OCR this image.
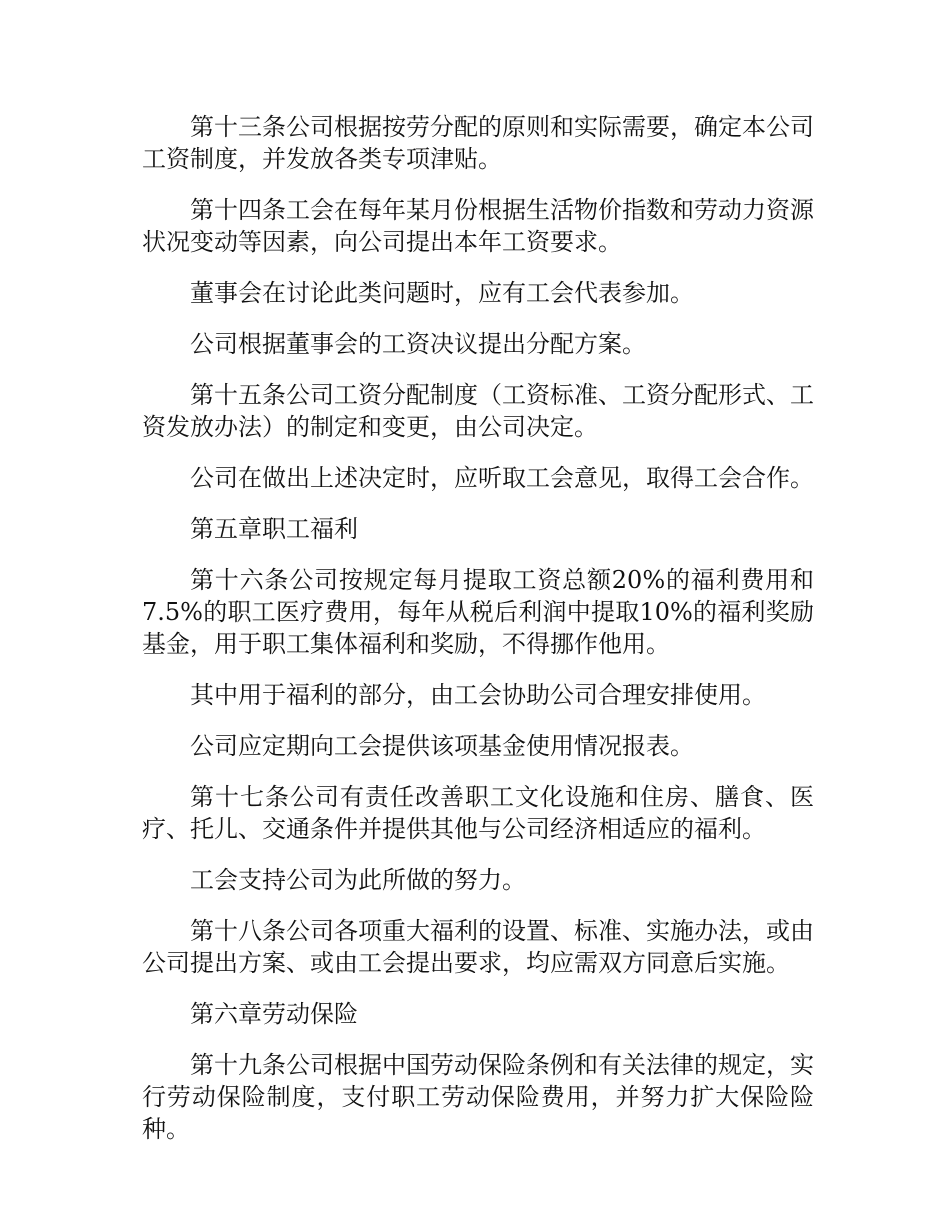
第十三条公司根据按劳分配的原则和实际需要，确定本公司工资制度，并发放各类专项津贴。

第十四条工会在每年某月份根据生活物价指数和劳动力资源状况变动等因素，向公司提出本年工资要求。

董事会在讨论此类问题时，应有工会代表参加。

公司根据董事会的工资决议提出分配方案。

第十五条公司工资分配制度（工资标准、工资分配形式、工资发放办法）的制定和变更，由公司决定。

公司在做出上述决定时，应听取工会意见，取得工会合作。

第五章职工福利

第十六条公司按规定每月提取工资总额20%的福利费用和7.5%的职工医疗费用，每年从税后利润中提取10%的福利奖励基金，用于职工集体福利和奖励，不得挪作他用。

其中用于福利的部分，由工会协助公司合理安排使用。

公司应定期向工会提供该项基金使用情况报表。

第十七条公司有责任改善职工文化设施和住房、膳食、医疗、托儿、交通条件并提供其他与公司经济相适应的福利。

工会支持公司为此所做的努力。

第十八条公司各项重大福利的设置、标准、实施办法，或由公司提出方案、或由工会提出要求，均应需双方同意后实施。

第六章劳动保险

第十九条公司根据中国劳动保险条例和有关法律的规定，实行劳动保险制度，支付职工劳动保险费用，并努力扩大保险险种。
